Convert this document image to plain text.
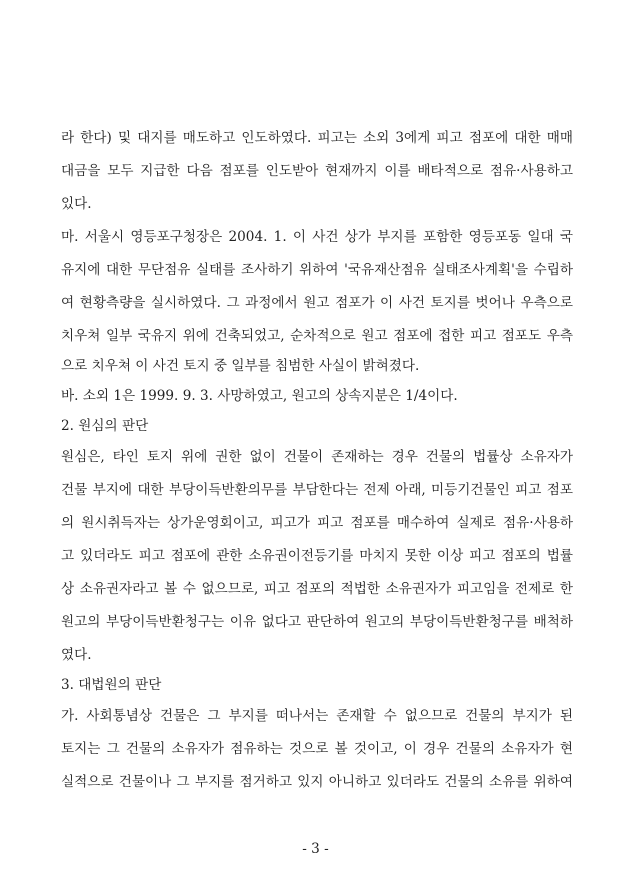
라 한다) 및 대지를 매도하고 인도하였다. 피고는 소외 3에게 피고 점포에 대한 매매
대금을 모두 지급한 다음 점포를 인도받아 현재까지 이를 배타적으로 점유·사용하고
있다.
마. 서울시 영등포구청장은 2004. 1. 이 사건 상가 부지를 포함한 영등포동 일대 국
유지에 대한 무단점유 실태를 조사하기 위하여 '국유재산점유 실태조사계획'을 수립하
여 현황측량을 실시하였다. 그 과정에서 원고 점포가 이 사건 토지를 벗어나 우측으로
치우쳐 일부 국유지 위에 건축되었고, 순차적으로 원고 점포에 접한 피고 점포도 우측
으로 치우쳐 이 사건 토지 중 일부를 침범한 사실이 밝혀졌다.
바. 소외 1은 1999. 9. 3. 사망하였고, 원고의 상속지분은 1/4이다.
2. 원심의 판단
원심은, 타인 토지 위에 권한 없이 건물이 존재하는 경우 건물의 법률상 소유자가
건물 부지에 대한 부당이득반환의무를 부담한다는 전제 아래, 미등기건물인 피고 점포
의 원시취득자는 상가운영회이고, 피고가 피고 점포를 매수하여 실제로 점유·사용하
고 있더라도 피고 점포에 관한 소유권이전등기를 마치지 못한 이상 피고 점포의 법률
상 소유권자라고 볼 수 없으므로, 피고 점포의 적법한 소유권자가 피고임을 전제로 한
원고의 부당이득반환청구는 이유 없다고 판단하여 원고의 부당이득반환청구를 배척하
였다.
3. 대법원의 판단
가. 사회통념상 건물은 그 부지를 떠나서는 존재할 수 없으므로 건물의 부지가 된
토지는 그 건물의 소유자가 점유하는 것으로 볼 것이고, 이 경우 건물의 소유자가 현
실적으로 건물이나 그 부지를 점거하고 있지 아니하고 있더라도 건물의 소유를 위하여
- 3 -
